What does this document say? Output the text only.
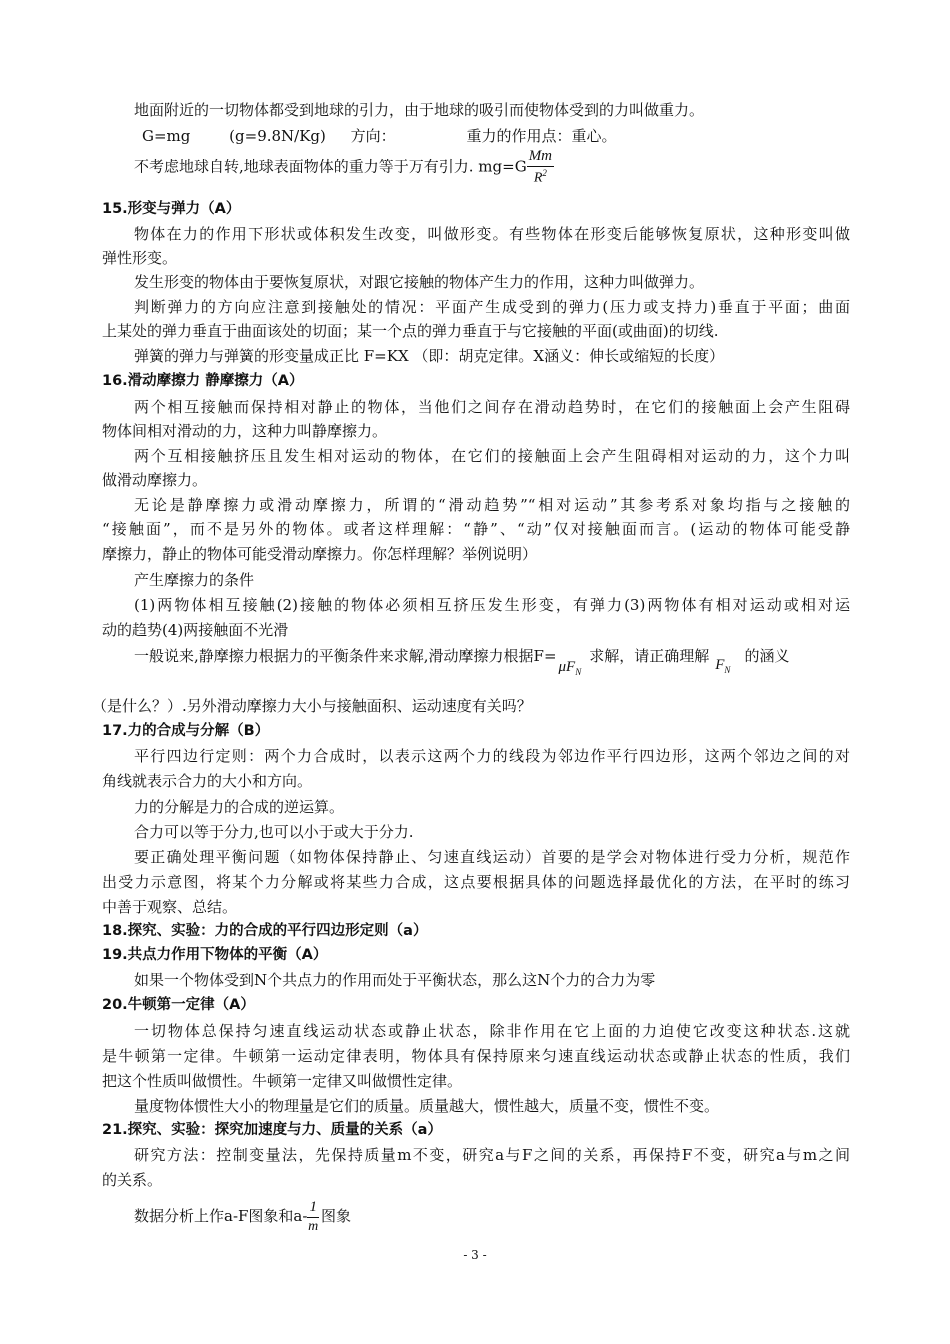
地面附近的一切物体都受到地球的引力，由于地球的吸引而使物体受到的力叫做重力。
G=mg	(g=9.8N/Kg) 方向：	重力的作用点：重心。
不考虑地球自转,地球表面物体的重力等于万有引力. $mg=G \frac{Mm}{R^2}$
15.形变与弹力（A）
物体在力的作用下形状或体积发生改变，叫做形变。有些物体在形变后能够恢复原状，这种形变叫做
弹性形变。
发生形变的物体由于要恢复原状，对跟它接触的物体产生力的作用，这种力叫做弹力。
判断弹力的方向应注意到接触处的情况：平面产生成受到的弹力(压力或支持力)垂直于平面；曲面
上某处的弹力垂直于曲面该处的切面；某一个点的弹力垂直于与它接触的平面(或曲面)的切线.
弹簧的弹力与弹簧的形变量成正比 F=KX （即：胡克定律。X涵义：伸长或缩短的长度）
16.滑动摩擦力 静摩擦力（A）
两个相互接触而保持相对静止的物体，当他们之间存在滑动趋势时，在它们的接触面上会产生阻碍
物体间相对滑动的力，这种力叫静摩擦力。
两个互相接触挤压且发生相对运动的物体，在它们的接触面上会产生阻碍相对运动的力，这个力叫
做滑动摩擦力。
无论是静摩擦力或滑动摩擦力，所谓的“滑动趋势”“相对运动”其参考系对象均指与之接触的
“接触面”，而不是另外的物体。或者这样理解：“静”、“动”仅对接触面而言。(运动的物体可能受静
摩擦力，静止的物体可能受滑动摩擦力。你怎样理解？举例说明）
产生摩擦力的条件
(1)两物体相互接触(2)接触的物体必须相互挤压发生形变，有弹力(3)两物体有相对运动或相对运
动的趋势(4)两接触面不光滑
一般说来,静摩擦力根据力的平衡条件来求解,滑动摩擦力根据$F=\mu F_N$求解，请正确理解 $F_N$的涵义
（是什么？）.另外滑动摩擦力大小与接触面积、运动速度有关吗？
17.力的合成与分解（B）
平行四边行定则：两个力合成时，以表示这两个力的线段为邻边作平行四边形，这两个邻边之间的对
角线就表示合力的大小和方向。
力的分解是力的合成的逆运算。
合力可以等于分力,也可以小于或大于分力.
要正确处理平衡问题（如物体保持静止、匀速直线运动）首要的是学会对物体进行受力分析，规范作
出受力示意图，将某个力分解或将某些力合成，这点要根据具体的问题选择最优化的方法，在平时的练习
中善于观察、总结。
18.探究、实验：力的合成的平行四边形定则（a）
19.共点力作用下物体的平衡（A）
如果一个物体受到N个共点力的作用而处于平衡状态，那么这N个力的合力为零
20.牛顿第一定律（A）
一切物体总保持匀速直线运动状态或静止状态，除非作用在它上面的力迫使它改变这种状态.这就
是牛顿第一定律。牛顿第一运动定律表明，物体具有保持原来匀速直线运动状态或静止状态的性质，我们
把这个性质叫做惯性。牛顿第一定律又叫做惯性定律。
量度物体惯性大小的物理量是它们的质量。质量越大，惯性越大，质量不变，惯性不变。
21.探究、实验：探究加速度与力、质量的关系（a）
研究方法：控制变量法，先保持质量m不变，研究a与F之间的关系，再保持F不变，研究a与m之间
的关系。
数据分析上作a-F图象和$a- \frac{1}{m}$ 图象
- 3 -
